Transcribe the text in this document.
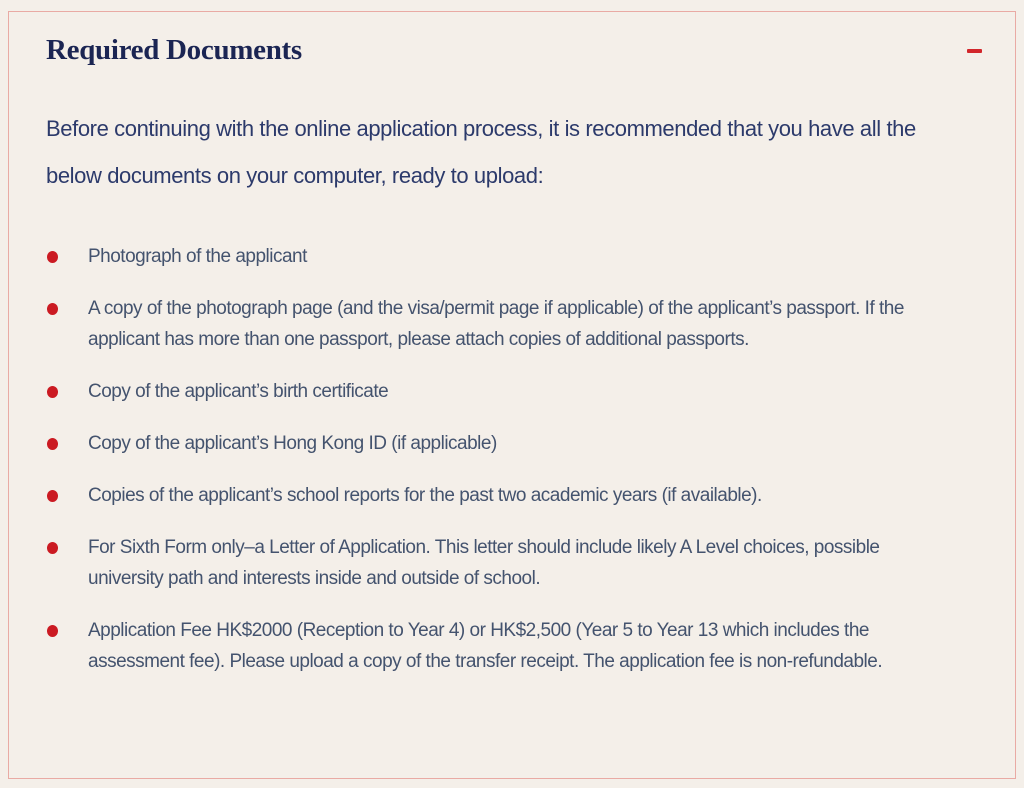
Required Documents

Before continuing with the online application process, it is recommended that you have all the below documents on your computer, ready to upload:

Photograph of the applicant
A copy of the photograph page (and the visa/permit page if applicable) of the applicant’s passport. If the applicant has more than one passport, please attach copies of additional passports.
Copy of the applicant’s birth certificate
Copy of the applicant’s Hong Kong ID (if applicable)
Copies of the applicant’s school reports for the past two academic years (if available).
For Sixth Form only–a Letter of Application. This letter should include likely A Level choices, possible university path and interests inside and outside of school.
Application Fee HK$2000 (Reception to Year 4) or HK$2,500 (Year 5 to Year 13 which includes the assessment fee). Please upload a copy of the transfer receipt. The application fee is non-refundable.
